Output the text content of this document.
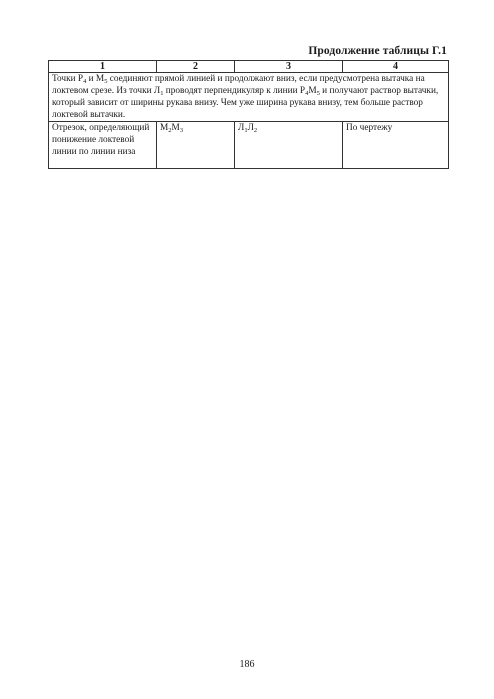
Продолжение таблицы Г.1
1	2	3	4
Точки $Р_4$ и $М_5$ соединяют прямой линией и продолжают вниз, если предусмотрена вытачка на локтевом срезе. Из точки $Л_1$ проводят перпендикуляр к линии $Р_4М_5$ и получают раствор вытачки, который зависит от ширины рукава внизу. Чем уже ширина рукава внизу, тем больше раствор локтевой вытачки.			
Отрезок, определяющий понижение локтевой линии по линии низа	$М_2М_3$	$Л_1Л_2$	По чертежу
186
